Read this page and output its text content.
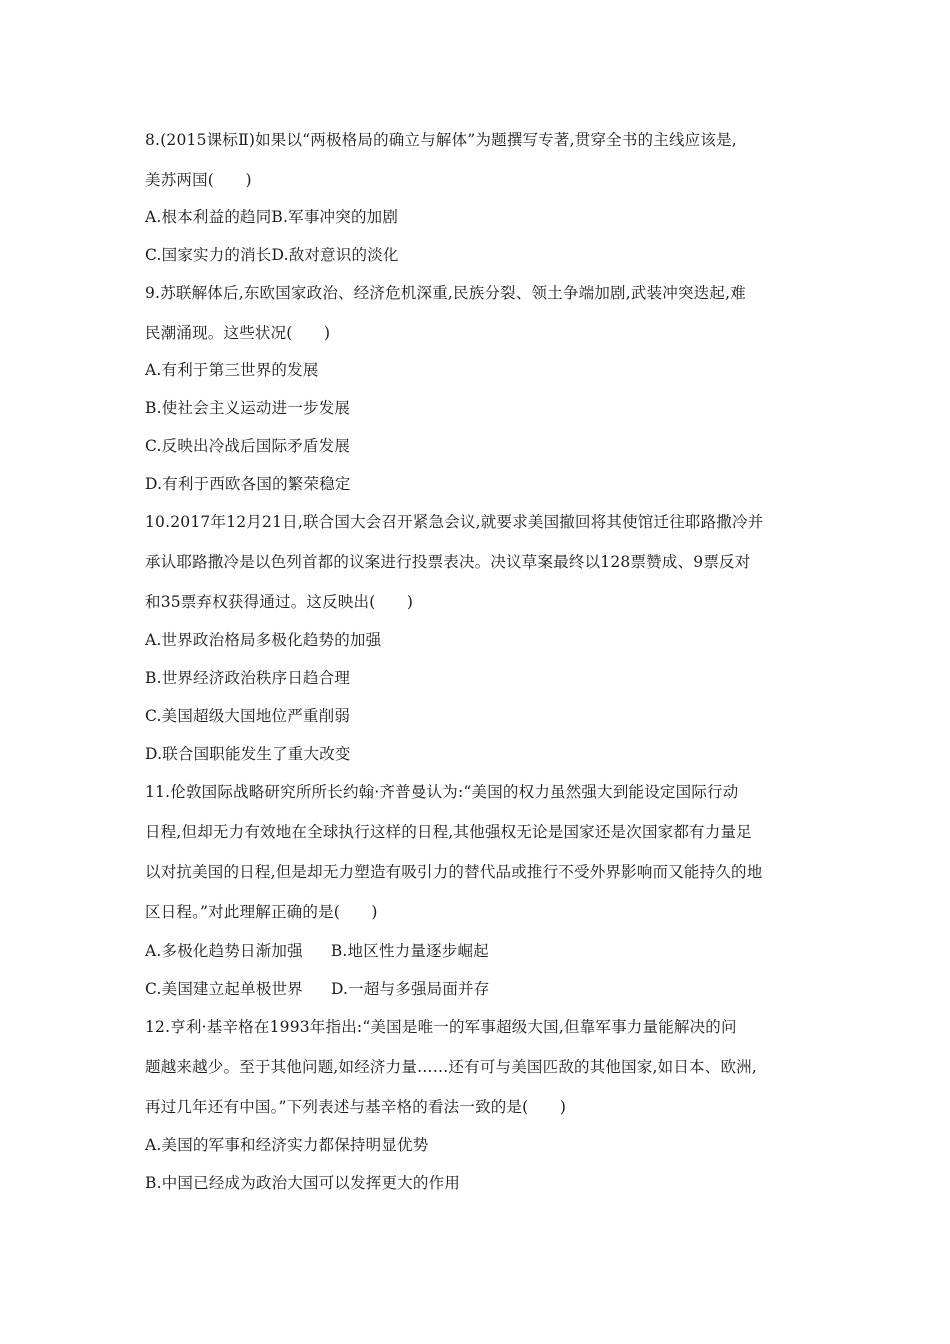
8.(2015课标Ⅱ)如果以“两极格局的确立与解体”为题撰写专著,贯穿全书的主线应该是,
美苏两国(　　)
A.根本利益的趋同B.军事冲突的加剧
C.国家实力的消长D.敌对意识的淡化
9.苏联解体后,东欧国家政治、经济危机深重,民族分裂、领土争端加剧,武装冲突迭起,难
民潮涌现。这些状况(　　)
A.有利于第三世界的发展
B.使社会主义运动进一步发展
C.反映出冷战后国际矛盾发展
D.有利于西欧各国的繁荣稳定
10.2017年12月21日,联合国大会召开紧急会议,就要求美国撤回将其使馆迁往耶路撒冷并
承认耶路撒冷是以色列首都的议案进行投票表决。决议草案最终以128票赞成、9票反对
和35票弃权获得通过。这反映出(　　)
A.世界政治格局多极化趋势的加强
B.世界经济政治秩序日趋合理
C.美国超级大国地位严重削弱
D.联合国职能发生了重大改变
11.伦敦国际战略研究所所长约翰·齐普曼认为:“美国的权力虽然强大到能设定国际行动
日程,但却无力有效地在全球执行这样的日程,其他强权无论是国家还是次国家都有力量足
以对抗美国的日程,但是却无力塑造有吸引力的替代品或推行不受外界影响而又能持久的地
区日程。”对此理解正确的是(　　)
A.多极化趋势日渐加强 B.地区性力量逐步崛起
C.美国建立起单极世界 D.一超与多强局面并存
12.亨利·基辛格在1993年指出:“美国是唯一的军事超级大国,但靠军事力量能解决的问
题越来越少。至于其他问题,如经济力量……还有可与美国匹敌的其他国家,如日本、欧洲,
再过几年还有中国。”下列表述与基辛格的看法一致的是(　　)
A.美国的军事和经济实力都保持明显优势
B.中国已经成为政治大国可以发挥更大的作用
